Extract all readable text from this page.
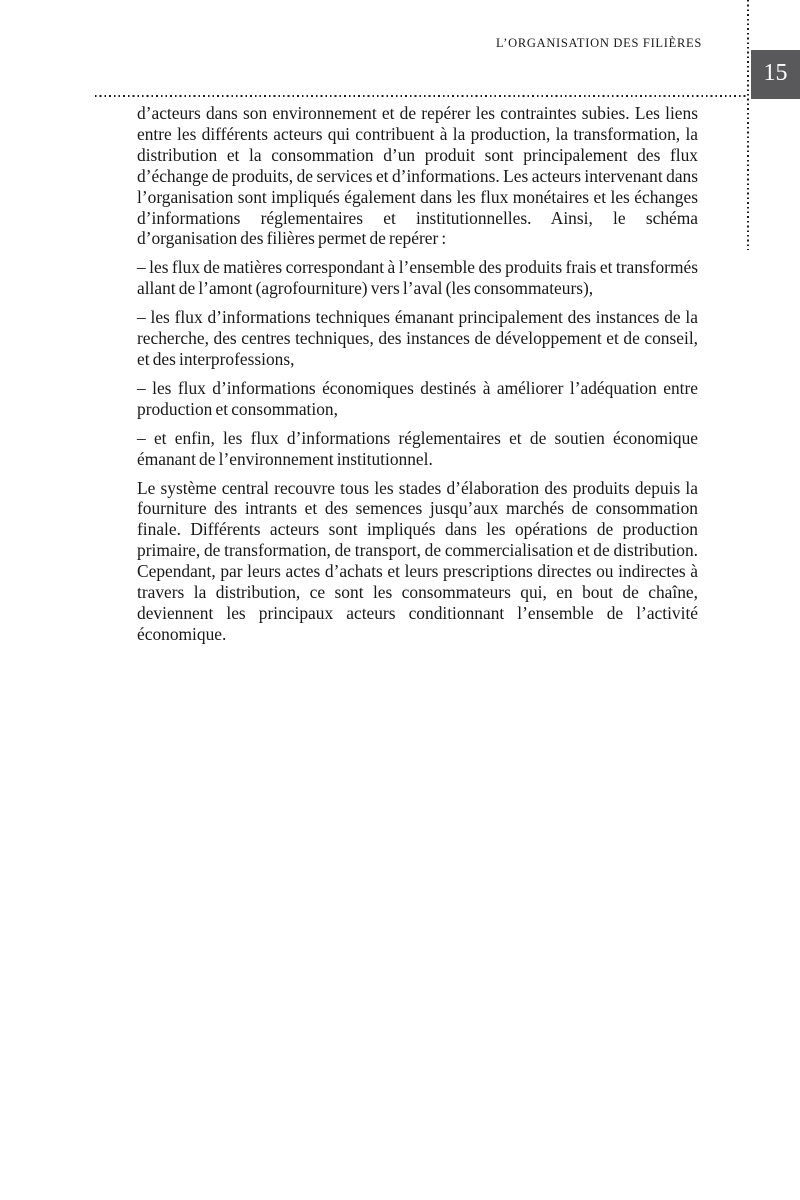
L’ORGANISATION DES FILIÈRES
15

d’acteurs dans son environnement et de repérer les contraintes subies. Les liens entre les différents acteurs qui contribuent à la production, la transformation, la distribution et la consommation d’un produit sont principalement des flux d’échange de produits, de services et d’informations. Les acteurs intervenant dans l’organisation sont impliqués également dans les flux monétaires et les échanges d’informations réglementaires et institutionnelles. Ainsi, le schéma d’organisation des filières permet de repérer :

– les flux de matières correspondant à l’ensemble des produits frais et transformés allant de l’amont (agrofourniture) vers l’aval (les consommateurs),

– les flux d’informations techniques émanant principalement des instances de la recherche, des centres techniques, des instances de développement et de conseil, et des interprofessions,

– les flux d’informations économiques destinés à améliorer l’adéquation entre production et consommation,

– et enfin, les flux d’informations réglementaires et de soutien économique émanant de l’environnement institutionnel.

Le système central recouvre tous les stades d’élaboration des produits depuis la fourniture des intrants et des semences jusqu’aux marchés de consommation finale. Différents acteurs sont impliqués dans les opérations de production primaire, de transformation, de transport, de commercialisation et de distribution. Cependant, par leurs actes d’achats et leurs prescriptions directes ou indirectes à travers la distribution, ce sont les consommateurs qui, en bout de chaîne, deviennent les principaux acteurs conditionnant l’ensemble de l’activité économique.
